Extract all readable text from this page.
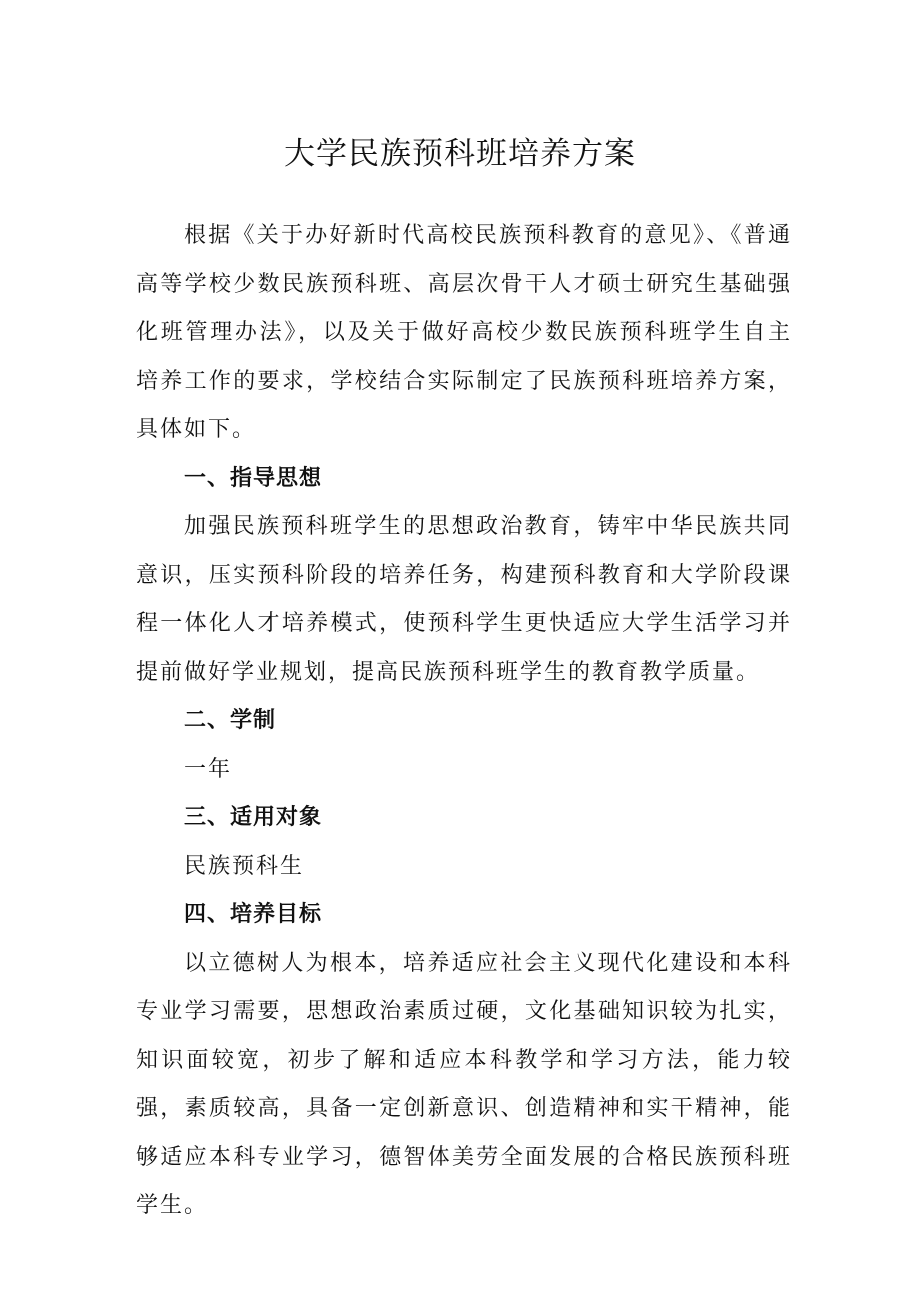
大学民族预科班培养方案

根据《关于办好新时代高校民族预科教育的意见》、《普通高等学校少数民族预科班、高层次骨干人才硕士研究生基础强化班管理办法》，以及关于做好高校少数民族预科班学生自主培养工作的要求，学校结合实际制定了民族预科班培养方案，具体如下。

一、指导思想

加强民族预科班学生的思想政治教育，铸牢中华民族共同意识，压实预科阶段的培养任务，构建预科教育和大学阶段课程一体化人才培养模式，使预科学生更快适应大学生活学习并提前做好学业规划，提高民族预科班学生的教育教学质量。

二、学制

一年

三、适用对象

民族预科生

四、培养目标

以立德树人为根本，培养适应社会主义现代化建设和本科专业学习需要，思想政治素质过硬，文化基础知识较为扎实，知识面较宽，初步了解和适应本科教学和学习方法，能力较强，素质较高，具备一定创新意识、创造精神和实干精神，能够适应本科专业学习，德智体美劳全面发展的合格民族预科班学生。
